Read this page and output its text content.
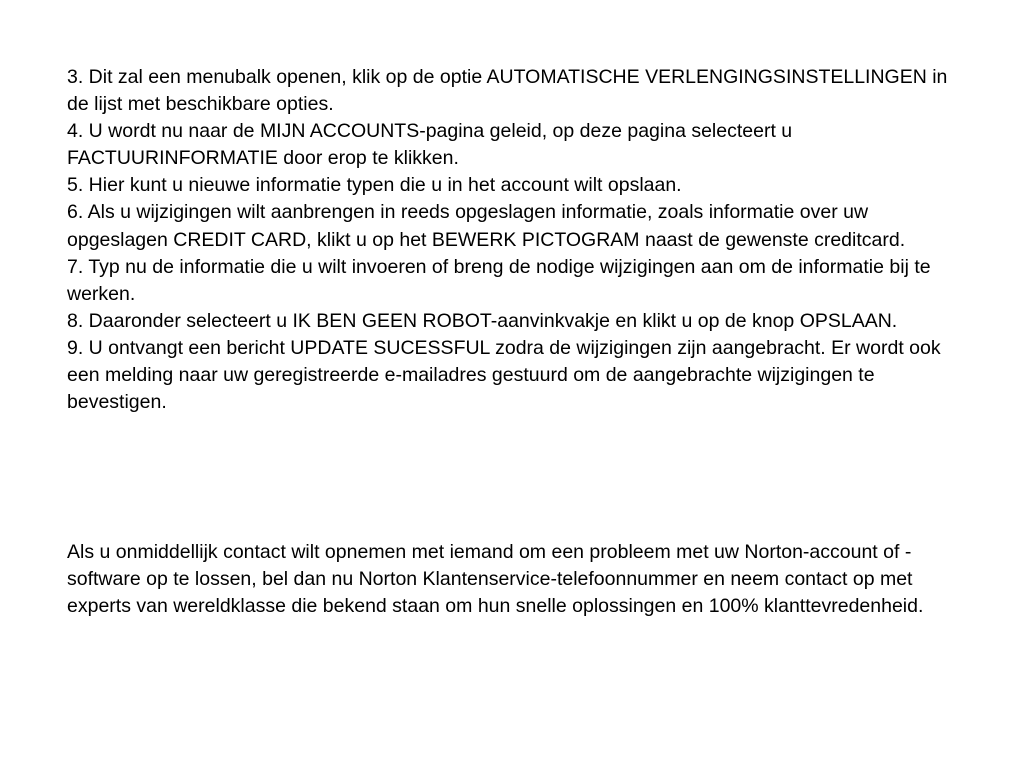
3. Dit zal een menubalk openen, klik op de optie AUTOMATISCHE VERLENGINGSINSTELLINGEN in de lijst met beschikbare opties.

4. U wordt nu naar de MIJN ACCOUNTS-pagina geleid, op deze pagina selecteert u FACTUURINFORMATIE door erop te klikken.

5. Hier kunt u nieuwe informatie typen die u in het account wilt opslaan.

6. Als u wijzigingen wilt aanbrengen in reeds opgeslagen informatie, zoals informatie over uw opgeslagen CREDIT CARD, klikt u op het BEWERK PICTOGRAM naast de gewenste creditcard.

7. Typ nu de informatie die u wilt invoeren of breng de nodige wijzigingen aan om de informatie bij te werken.

8. Daaronder selecteert u IK BEN GEEN ROBOT-aanvinkvakje en klikt u op de knop OPSLAAN.

9. U ontvangt een bericht UPDATE SUCESSFUL zodra de wijzigingen zijn aangebracht. Er wordt ook een melding naar uw geregistreerde e-mailadres gestuurd om de aangebrachte wijzigingen te bevestigen.

Als u onmiddellijk contact wilt opnemen met iemand om een probleem met uw Norton-account of -software op te lossen, bel dan nu Norton Klantenservice-telefoonnummer en neem contact op met experts van wereldklasse die bekend staan om hun snelle oplossingen en 100% klanttevredenheid.
